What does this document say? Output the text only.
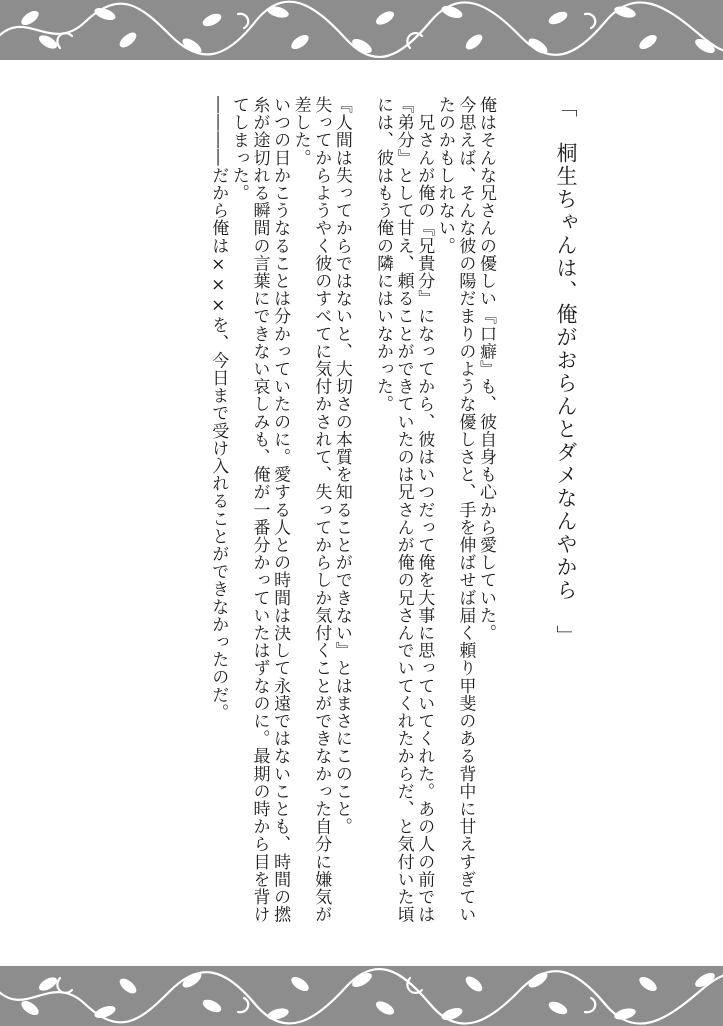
「　桐生ちゃんは、俺がおらんとダメなんやから　」

俺はそんな兄さんの優しい『口癖』も、彼自身も心から愛していた。

今思えば、そんな彼の陽だまりのような優しさと、手を伸ばせば届く頼り甲斐のある背中に甘えすぎていたのかもしれない。

　兄さんが俺の『兄貴分』になってから、彼はいつだって俺を大事に思っていてくれた。あの人の前では『弟分』として甘え、頼ることができていたのは兄さんが俺の兄さんでいてくれたからだ、と気付いた頃には、彼はもう俺の隣にはいなかった。

『人間は失ってからではないと、大切さの本質を知ることができない』とはまさにこのこと。

失ってからようやく彼のすべてに気付かされて、失ってからしか気付くことができなかった自分に嫌気が差した。

いつの日かこうなることは分かっていたのに。愛する人との時間は決して永遠ではないことも、時間の撚糸が途切れる瞬間の言葉にできない哀しみも、俺が一番分かっていたはずなのに。最期の時から目を背けてしまった。

――――だから俺は×××を、今日まで受け入れることができなかったのだ。
